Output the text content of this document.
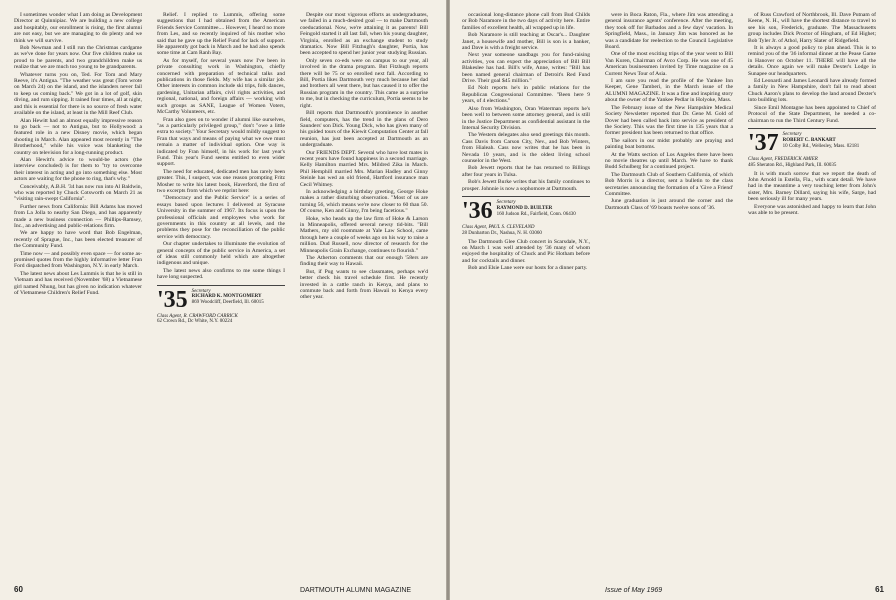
I sometimes wonder what I am doing as Development Director at Quinnipiac. We are building a new college and hospitably, our enrollment is rising, the first alumni are not easy, but we are managing to do plenty and we think we will survive.

Bob Newman and I still run the Christmas cardgame as we've done for years now. Our five children make us proud to be parents, and two grandchildren make us realize that we are much too young to be grandparents.

Whatever turns you on, Ted. For Tom and Mary Reeve, it's Antigua. "The weather was great (Tom wrote on March 24) on the island, and the islanders never fail to keep us coming back." We got in a lot of golf, skin diving, and rum sipping. It rained four times, all at night, and this is essential for there is no source of fresh water available on the island, at least in the Mill Reef Club.

Alan Hewitt had an almost equally impressive reason to go back — not to Antigua, but to Hollywood: a featured role in a new Disney movie, which began shooting in March. Alan appeared most recently in "The Brotherhood," while his voice was blanketing the country on television for a long-running product.

Alan Hewitt's advice to would-be actors (the interview concluded) is for them to "try to overcome their interest in acting and go into something else. Most actors are waiting for the phone to ring, that's why."

Conceivably, A.B.H. '34 has now run into Al Baldwin, who was reported by Chuck Cotsworth on March 21 as "visiting rain-swept California".

Further news from California: Bill Adams has moved from La Jolla to nearby San Diego, and has apparently made a new business connection — Phillips-Ramsey, Inc., an advertising and public-relations firm.

We are happy to have word that Bob Engelman, recently of Sprague, Inc., has been elected treasurer of the Community Fund.

Time now — and possibly even space — for some as-promised quotes from the highly informative letter Fran Ford dispatched from Washington, N.Y. in early March.

The latest news about Les Lummis is that he is still in Vietnam and has received (November '68) a Vietnamese girl named Nhung, but has given no indication whatever of Vietnamese Children's Relief Fund.

Relief. I replied to Lummis, offering some suggestions that I had obtained from the American Friends Service Committee.... However, I heard no more from Les, and so recently inquired of his mother who said that he gave up the Relief Fund for lack of support. He apparently got back in March and he had also spends some time at Cam Ranh Bay.

As for myself, for several years now I've been in private consulting work in Washington, chiefly concerned with preparation of technical talks and publications in those fields. My wife has a similar job. Other interests in common include ski trips, folk dances, gardening, Unitarian affairs, civil rights activities, and regional, national, and foreign affairs — working with such groups as SANE, League of Women Voters, McCarthy Volunteers, etc.

Fran also goes on to wonder if alumni like ourselves, "as a particularly privileged group," don't "owe a little extra to society." Your Secretary would mildly suggest to Fran that ways and means of paying what we owe must remain a matter of individual option. One way is indicated by Fran himself, in his work for last year's Fund. This year's Fund seems entitled to even wider support.

The need for educated, dedicated men has rarely been greater. This, I suspect, was one reason prompting Fritz Mosher to write his latest book, Haverford, the first of two excerpts from which we reprint here:

"Democracy and the Public Service" is a series of essays based upon lectures I delivered at Syracuse University in the summer of 1967. Its focus is upon the professional officials and employees who work for governments in this country at all levels, and the problems they pose for the reconciliation of the public service with democracy.

Our chapter undertakes to illuminate the evolution of general concepts of the public service in America, a set of ideas still commonly held which are altogether indigenous and unique.

The latest news also confirms to me some things I have long suspected.

'35 Secretary
RICHARD K. MONTGOMERY
869 Woodcliff, Deerfield, Ill. 60015
Class Agent, R. CRAWFORD CARRICK
62 Crown Rd., Dc White, N.Y. 00224

Despite our most vigorous efforts as undergraduates, we failed in a much-desired goal — to make Dartmouth coeducational. Now, we're attaining it as parents! Bill Feingold started it all last fall, when his young daughter, Virginia, enrolled as an exchange student to study dramatics. Now Bill Fitzhugh's daughter, Portia, has been accepted to spend her junior year studying Russian.

Only seven co-eds were on campus to our year, all involved in the drama program. But Fitzhugh reports there will be 75 or so enrolled next fall. According to Bill, Portia likes Dartmouth very much because her dad and brothers all went there, but has caused it to offer the Russian program in the country. This came as a surprise to me, but in checking the curriculum, Portia seems to be right.

Bill reports that Dartmouth's prominence in another field, computers, has the trend in the plans of Dero Saunders' son Dick. Young Dick, who has given many of his guided tours of the Kiewit Computation Center at fall reunion, has just been accepted at Dartmouth as an undergraduate.

Our FRIENDS DEPT. Several who have lost mates in recent years have found happiness in a second marriage. Kelly Hamilton married Mrs. Mildred Zika in March. Phil Hemphill married Mrs. Marian Hadley and Ginny Steinle has wed an old friend, Hartford insurance man Cecil Whitney.

In acknowledging a birthday greeting, George Hoke makes a rather disturbing observation. "Most of us are turning 56, which means we're now closer to 60 than 50. Of course, Ken and Ginny, I'm being facetious."

Hoke, who heads up the law firm of Hoke & Larson in Minneapolis, offered several newsy tid-bits. "Bill Mathers, my old roommate at Yale Law School, came through here a couple of weeks ago on his way to raise a million. Dud Russell, now director of research for the Minneapolis Grain Exchange, continues to flourish."

The Atherton comments that our enough '58ers are finding their way to Hawaii.

But, if Pug wants to see classmates, perhaps we'd better check his travel schedule first. He recently invested in a cattle ranch in Kenya, and plans to commute back and forth from Hawaii to Kenya every other year.

60	DARTMOUTH ALUMNI MAGAZINE

occasional long-distance phone call from Bud Childs or Bob Naramore in the two days of activity here. Entire families of excellent health, all wrapped up in life.

Bob Naramore is still teaching at Oscar's... Daughter Janet, a housewife and mother, Bill is son is a banker, and Dave is with a freight service.

Next year someone sandbags you for fund-raising activities, you can expect the appreciation of Bill Bill Blakeslee has had. Bill's wife, Anne, writes: "Bill has been named general chairman of Detroit's Red Fund Drive. Their goal $45 million."

Ed Nolt reports he's in public relations for the Republican Congressional Committee. "Been here 9 years, of 4 elections."

Also from Washington, Oran Waterman reports he's been well to between some attorney general, and is still in the Justice Department as confidential assistant in the Internal Security Division.

The Western delegates also send greetings this month. Cass Davis from Carson City, Nev., and Bob Winters, from Hialeah. Cass now writes that he has been in Nevada 10 years, and is the oldest living school counselor in the West.

Bob Jewett reports that he has returned to Billings after four years in Tulsa.

Bob's Jewett Burke writes that his family continues to prosper. Johnnie is now a sophomore at Dartmouth.

'36 Secretary
RAYMOND D. BUILTER
160 Judson Rd., Fairfield, Conn. 06430
Class Agent, PAUL S. CLEVELAND
28 Dunbarton Dr., Nashua, N. H. 03060

The Dartmouth Glee Club concert in Scarsdale, N.Y., on March 1 was well attended by '36 many of whom enjoyed the hospitality of Chuck and Pic Hotham before and for cocktails and dinner.

Bob and Elsie Lane were our hosts for a dinner party.

were in Boca Raton, Fla., where Jim was attending a general insurance agents' conference. After the meeting, they took off for Barbados and a few days' vacation. In Springfield, Mass., in January Jim was honored as he was a candidate for reelection to the Council Legislative Board.

One of the most exciting trips of the year went to Bill Van Kuren, Chairman of Avco Corp. He was one of 45 American businessmen invited by Time magazine on a Current News Tour of Asia.

I am sure you read the profile of the Yankee Inn Keeper, Gene Tamberi, in the March issue of the ALUMNI MAGAZINE. It was a fine and inspiring story about the owner of the Yankee Pedlar in Holyoke, Mass.

The February issue of the New Hampshire Medical Society Newsletter reported that Dr. Gene M. Gold of Dover had been called back into service as president of the Society. This was the first time in 135 years that a former president has been returned to that office.

The sailors in our midst probably are praying and painting boat bottoms.

At the Watts section of Los Angeles there have been no movie theatres up until March. We have to thank Budd Schulberg for a continued project.

The Dartmouth Club of Southern California, of which Bob Morris is a director, sent a bulletin to the class secretaries announcing the formation of a 'Give a Friend' Committee.

June graduation is just around the corner and the Dartmouth Class of '69 boasts twelve sons of '36.

of Russ Crawford of Northbrook, Ill. Dave Putnam of Keene, N. H., will have the shortest distance to travel to see his son, Frederick, graduate. The Massachusetts group includes Dick Proctor of Hingham, of Ed Highet; Bob Tyler Jr. of Athol, Harry Slater of Ridgefield.

It is always a good policy to plan ahead. This is to remind you of the '36 informal dinner at the Pease Game in Hanover on October 11. THERE will have all the details. Once again we will make Dexter's Lodge in Sunapee our headquarters.

Ed Leonardi and James Leonardi have already formed a family in New Hampshire, don't fail to read about Chuck Aaron's plans to develop the land around Dexter's into building lots.

Since Emil Montagne has been appointed to Chief of Protocol of the State Department, he needed a co-chairman to run the Third Century Fund.

'37 Secretary
ROBERT C. BANKART
10 Colby Rd., Wellesley, Mass. 02181
Class Agent, FREDERICK AMIER
485 Sheraton Rd., Highland Park, Ill. 60035

It is with much sorrow that we report the death of John Arnold in Estella, Fla., with scant detail. We have had in the meantime a very touching letter from John's sister, Mrs. Barney Dillard, saying his wife, Sarge, had been seriously ill for many years.

Everyone was astonished and happy to learn that John was able to be present.

Issue of May 1969	61
